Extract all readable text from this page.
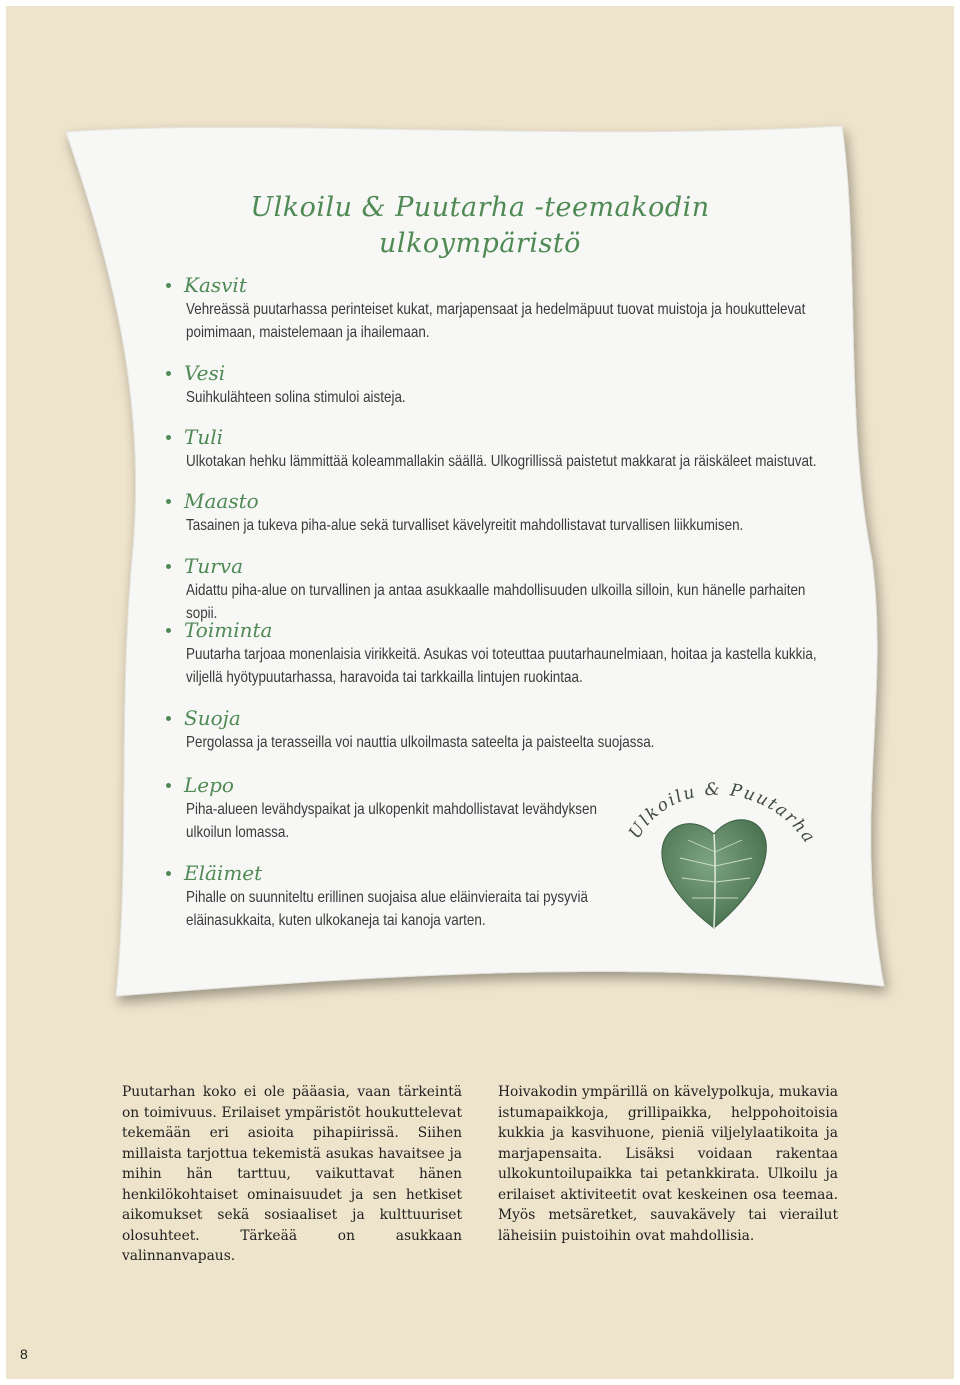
Ulkoilu & Puutarha -teemakodin
ulkoympäristö
Kasvit
Vehreässä puutarhassa perinteiset kukat, marjapensaat ja hedelmäpuut tuovat muistoja ja houkuttelevat
poimimaan, maistelemaan ja ihailemaan.
Vesi
Suihkulähteen solina stimuloi aisteja.
Tuli
Ulkotakan hehku lämmittää koleammallakin säällä. Ulkogrillissä paistetut makkarat ja räiskäleet maistuvat.
Maasto
Tasainen ja tukeva piha-alue sekä turvalliset kävelyreitit mahdollistavat turvallisen liikkumisen.
Turva
Aidattu piha-alue on turvallinen ja antaa asukkaalle mahdollisuuden ulkoilla silloin, kun hänelle parhaiten sopii.
Toiminta
Puutarha tarjoaa monenlaisia virikkeitä. Asukas voi toteuttaa puutarhaunelmiaan, hoitaa ja kastella kukkia,
viljellä hyötypuutarhassa, haravoida tai tarkkailla lintujen ruokintaa.
Suoja
Pergolassa ja terasseilla voi nauttia ulkoilmasta sateelta ja paisteelta suojassa.
Lepo
Piha-alueen levähdyspaikat ja ulkopenkit mahdollistavat levähdyksen
ulkoilun lomassa.
Eläimet
Pihalle on suunniteltu erillinen suojaisa alue eläinvieraita tai pysyviä
eläinasukkaita, kuten ulkokaneja tai kanoja varten.
Ulkoilu & Puutarha
Puutarhan koko ei ole pääasia, vaan tärkeintä on toimivuus. Erilaiset ympäristöt houkuttelevat tekemään eri asioita pihapiirissä. Siihen millaista tarjottua tekemistä asukas havaitsee ja mihin hän tarttuu, vaikuttavat hänen henkilökohtaiset ominaisuudet ja sen hetkiset aikomukset sekä sosiaaliset ja kulttuuriset olosuhteet. Tärkeää on asukkaan valinnanvapaus.
Hoivakodin ympärillä on kävelypolkuja, mukavia istumapaikkoja, grillipaikka, helppohoitoisia kukkia ja kasvihuone, pieniä viljelylaatikoita ja marjapensaita. Lisäksi voidaan rakentaa ulkokuntoilupaikka tai petankkirata. Ulkoilu ja erilaiset aktiviteetit ovat keskeinen osa teemaa. Myös metsäretket, sauvakävely tai vierailut läheisiin puistoihin ovat mahdollisia.
8
